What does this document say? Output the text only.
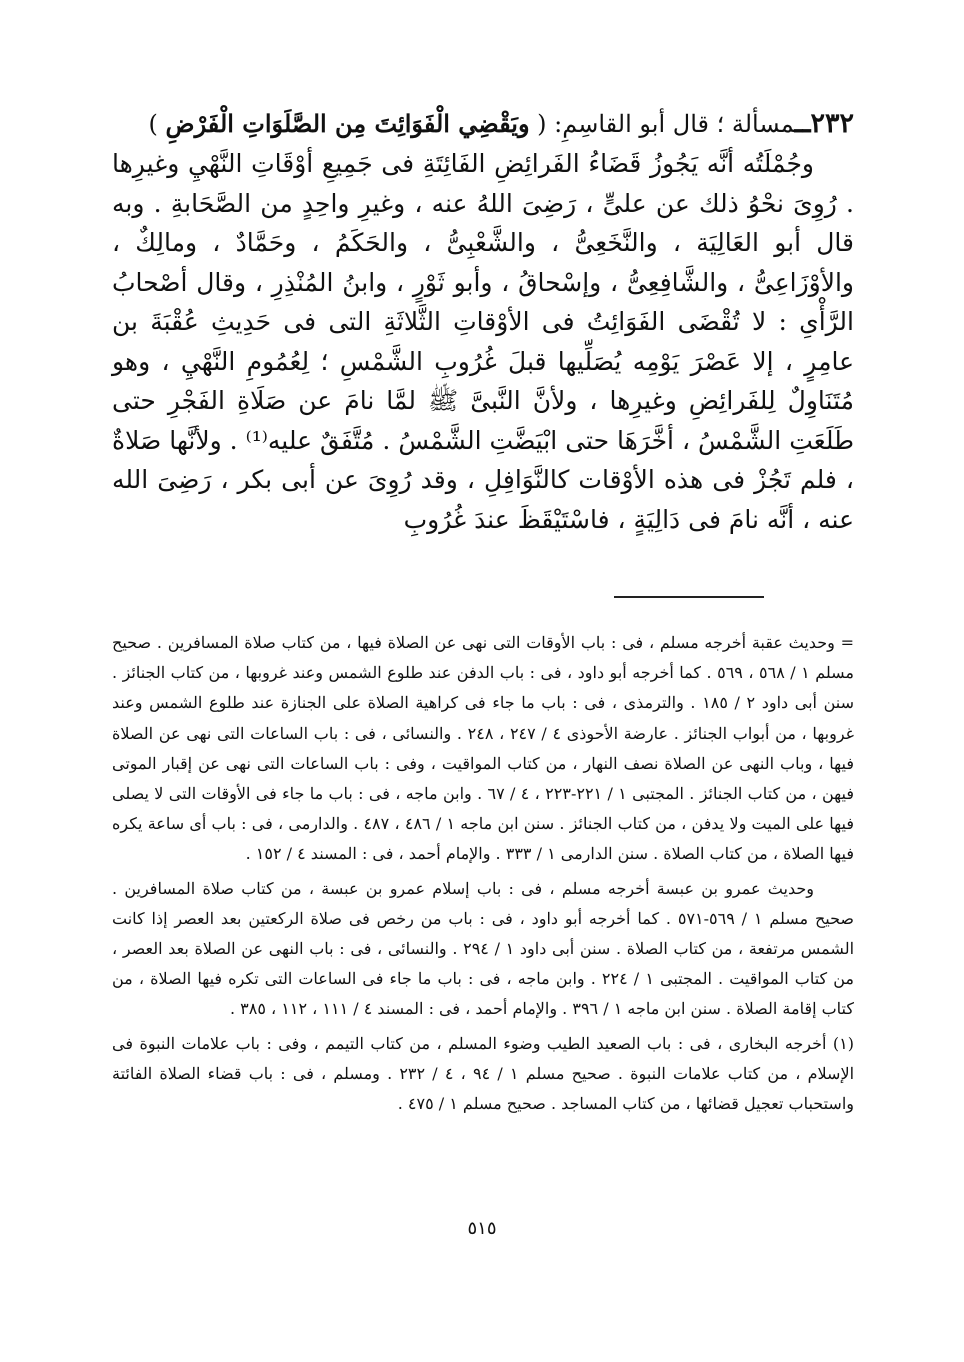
٢٣٢ــمسألة ؛ قال أبو القاسِمِ: ( ويَقْضِي الْفَوَائِتَ مِن الصَّلَوَاتِ الْفَرْضِ )

وجُمْلَتُه أنَّه يَجُوزُ قَضَاءُ الفَرائِضِ الفَائِتَةِ فى جَمِيعِ أوْقَاتِ النَّهْيِ وغيرِها . رُوِىَ نحْوُ ذلك عن علىٍّ ، رَضِىَ اللهُ عنه ، وغيرِ واحِدٍ من الصَّحَابةِ . وبه قال أبو العَالِيَة ، والنَّخَعِىُّ ، والشَّعْبِىُّ ، والحَكَمُ ، وحَمَّادٌ ، ومالِكٌ ، والأوْزَاعِىُّ ، والشَّافِعِىُّ ، وإسْحاقُ ، وأبو ثَوْرٍ ، وابنُ المُنْذِرِ ، وقال أصْحابُ الرَّأْىِ : لا تُقْضَى الفَوَائِتُ فى الأوْقاتِ الثَّلاثَةِ التى فى حَدِيثِ عُقْبَةَ بن عامِرٍ ، إلا عَصْرَ يَوْمِه يُصَلِّيها قبلَ غُرُوبِ الشَّمْسِ ؛ لِعُمُومِ النَّهْيِ ، وهو مُتَنَاوِلٌ لِلفَرائِضِ وغيرِها ، ولأنَّ النَّبىَّ ﷺ لمَّا نامَ عن صَلَاةِ الفَجْرِ حتى طَلَعَتِ الشَّمْسُ ، أخَّرَهَا حتى ابْيَضَّتِ الشَّمْسُ . مُتَّفَقٌ عليه⁽¹⁾ . ولأنَّها صَلاةٌ ، فلم تَجُزْ فى هذه الأوْقات كالنَّوَافِلِ ، وقد رُوِىَ عن أبى بكر ، رَضِىَ الله عنه ، أنَّه نامَ فى دَالِيَةٍ ، فاسْتَيْقَظَ عندَ غُرُوبِ

= وحديث عقبة أخرجه مسلم ، فى : باب الأوقات التى نهى عن الصلاة فيها ، من كتاب صلاة المسافرين . صحيح مسلم ١ / ٥٦٨ ، ٥٦٩ . كما أخرجه أبو داود ، فى : باب الدفن عند طلوع الشمس وعند غروبها ، من كتاب الجنائز . سنن أبى داود ٢ / ١٨٥ . والترمذى ، فى : باب ما جاء فى كراهية الصلاة على الجنازة عند طلوع الشمس وعند غروبها ، من أبواب الجنائز . عارضة الأحوذى ٤ / ٢٤٧ ، ٢٤٨ . والنسائى ، فى : باب الساعات التى نهى عن الصلاة فيها ، وباب النهى عن الصلاة نصف النهار ، من كتاب المواقيت ، وفى : باب الساعات التى نهى عن إقبار الموتى فيهن ، من كتاب الجنائز . المجتبى ١ / ٢٢١-٢٢٣ ، ٤ / ٦٧ . وابن ماجه ، فى : باب ما جاء فى الأوقات التى لا يصلى فيها على الميت ولا يدفن ، من كتاب الجنائز . سنن ابن ماجه ١ / ٤٨٦ ، ٤٨٧ . والدارمى ، فى : باب أى ساعة يكره فيها الصلاة ، من كتاب الصلاة . سنن الدارمى ١ / ٣٣٣ . والإمام أحمد ، فى : المسند ٤ / ١٥٢ .

وحديث عمرو بن عبسة أخرجه مسلم ، فى : باب إسلام عمرو بن عبسة ، من كتاب صلاة المسافرين . صحيح مسلم ١ / ٥٦٩-٥٧١ . كما أخرجه أبو داود ، فى : باب من رخص فى صلاة الركعتين بعد العصر إذا كانت الشمس مرتفعة ، من كتاب الصلاة . سنن أبى داود ١ / ٢٩٤ . والنسائى ، فى : باب النهى عن الصلاة بعد العصر ، من كتاب المواقيت . المجتبى ١ / ٢٢٤ . وابن ماجه ، فى : باب ما جاء فى الساعات التى تكره فيها الصلاة ، من كتاب إقامة الصلاة . سنن ابن ماجه ١ / ٣٩٦ . والإمام أحمد ، فى : المسند ٤ / ١١١ ، ١١٢ ، ٣٨٥ .

(١) أخرجه البخارى ، فى : باب الصعيد الطيب وضوء المسلم ، من كتاب التيمم ، وفى : باب علامات النبوة فى الإسلام ، من كتاب علامات النبوة . صحيح مسلم ١ / ٩٤ ، ٤ / ٢٣٢ . ومسلم ، فى : باب قضاء الصلاة الفائتة واستحباب تعجيل قضائها ، من كتاب المساجد . صحيح مسلم ١ / ٤٧٥ .

٥١٥
